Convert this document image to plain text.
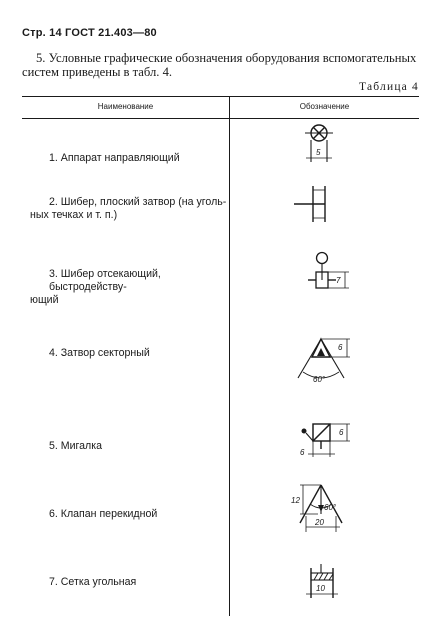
Стр. 14 ГОСТ 21.403—80
5. Условные графические обозначения оборудования вспомогательных систем приведены в табл. 4.
Таблица 4
Наименование	Обозначение
1. Аппарат направляющий
2. Шибер, плоский затвор (на уголь-
ных течках и т. п.)
3. Шибер отсекающий, быстродейству-
ющий
4. Затвор секторный
5. Мигалка
6. Клапан перекидной
7. Сетка угольная
5
7
60°
6
6
6
60°
12
20
10
